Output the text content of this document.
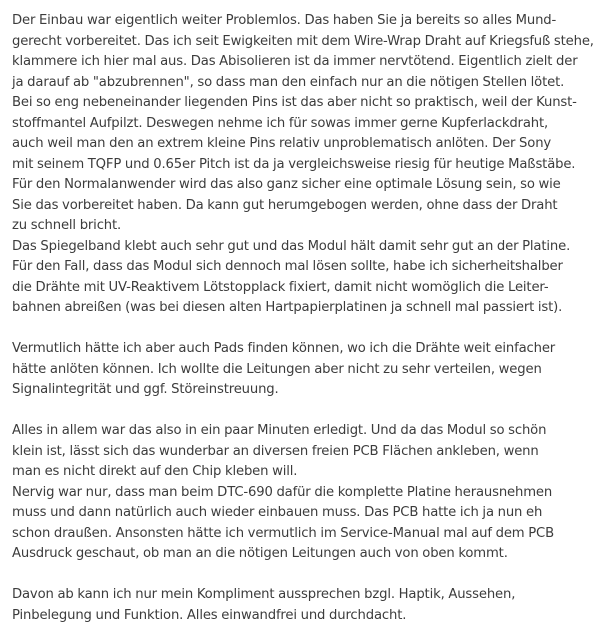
Der Einbau war eigentlich weiter Problemlos. Das haben Sie ja bereits so alles Mund-
gerecht vorbereitet. Das ich seit Ewigkeiten mit dem Wire-Wrap Draht auf Kriegsfuß stehe,
klammere ich hier mal aus. Das Abisolieren ist da immer nervtötend. Eigentlich zielt der
ja darauf ab "abzubrennen", so dass man den einfach nur an die nötigen Stellen lötet.
Bei so eng nebeneinander liegenden Pins ist das aber nicht so praktisch, weil der Kunst-
stoffmantel Aufpilzt. Deswegen nehme ich für sowas immer gerne Kupferlackdraht,
auch weil man den an extrem kleine Pins relativ unproblematisch anlöten. Der Sony
mit seinem TQFP und 0.65er Pitch ist da ja vergleichsweise riesig für heutige Maßstäbe.
Für den Normalanwender wird das also ganz sicher eine optimale Lösung sein, so wie
Sie das vorbereitet haben. Da kann gut herumgebogen werden, ohne dass der Draht
zu schnell bricht.
Das Spiegelband klebt auch sehr gut und das Modul hält damit sehr gut an der Platine.
Für den Fall, dass das Modul sich dennoch mal lösen sollte, habe ich sicherheitshalber
die Drähte mit UV-Reaktivem Lötstopplack fixiert, damit nicht womöglich die Leiter-
bahnen abreißen (was bei diesen alten Hartpapierplatinen ja schnell mal passiert ist).
Vermutlich hätte ich aber auch Pads finden können, wo ich die Drähte weit einfacher
hätte anlöten können. Ich wollte die Leitungen aber nicht zu sehr verteilen, wegen
Signalintegrität und ggf. Störeinstreuung.
Alles in allem war das also in ein paar Minuten erledigt. Und da das Modul so schön
klein ist, lässt sich das wunderbar an diversen freien PCB Flächen ankleben, wenn
man es nicht direkt auf den Chip kleben will.
Nervig war nur, dass man beim DTC-690 dafür die komplette Platine herausnehmen
muss und dann natürlich auch wieder einbauen muss. Das PCB hatte ich ja nun eh
schon draußen. Ansonsten hätte ich vermutlich im Service-Manual mal auf dem PCB
Ausdruck geschaut, ob man an die nötigen Leitungen auch von oben kommt.
Davon ab kann ich nur mein Kompliment aussprechen bzgl. Haptik, Aussehen,
Pinbelegung und Funktion. Alles einwandfrei und durchdacht.
